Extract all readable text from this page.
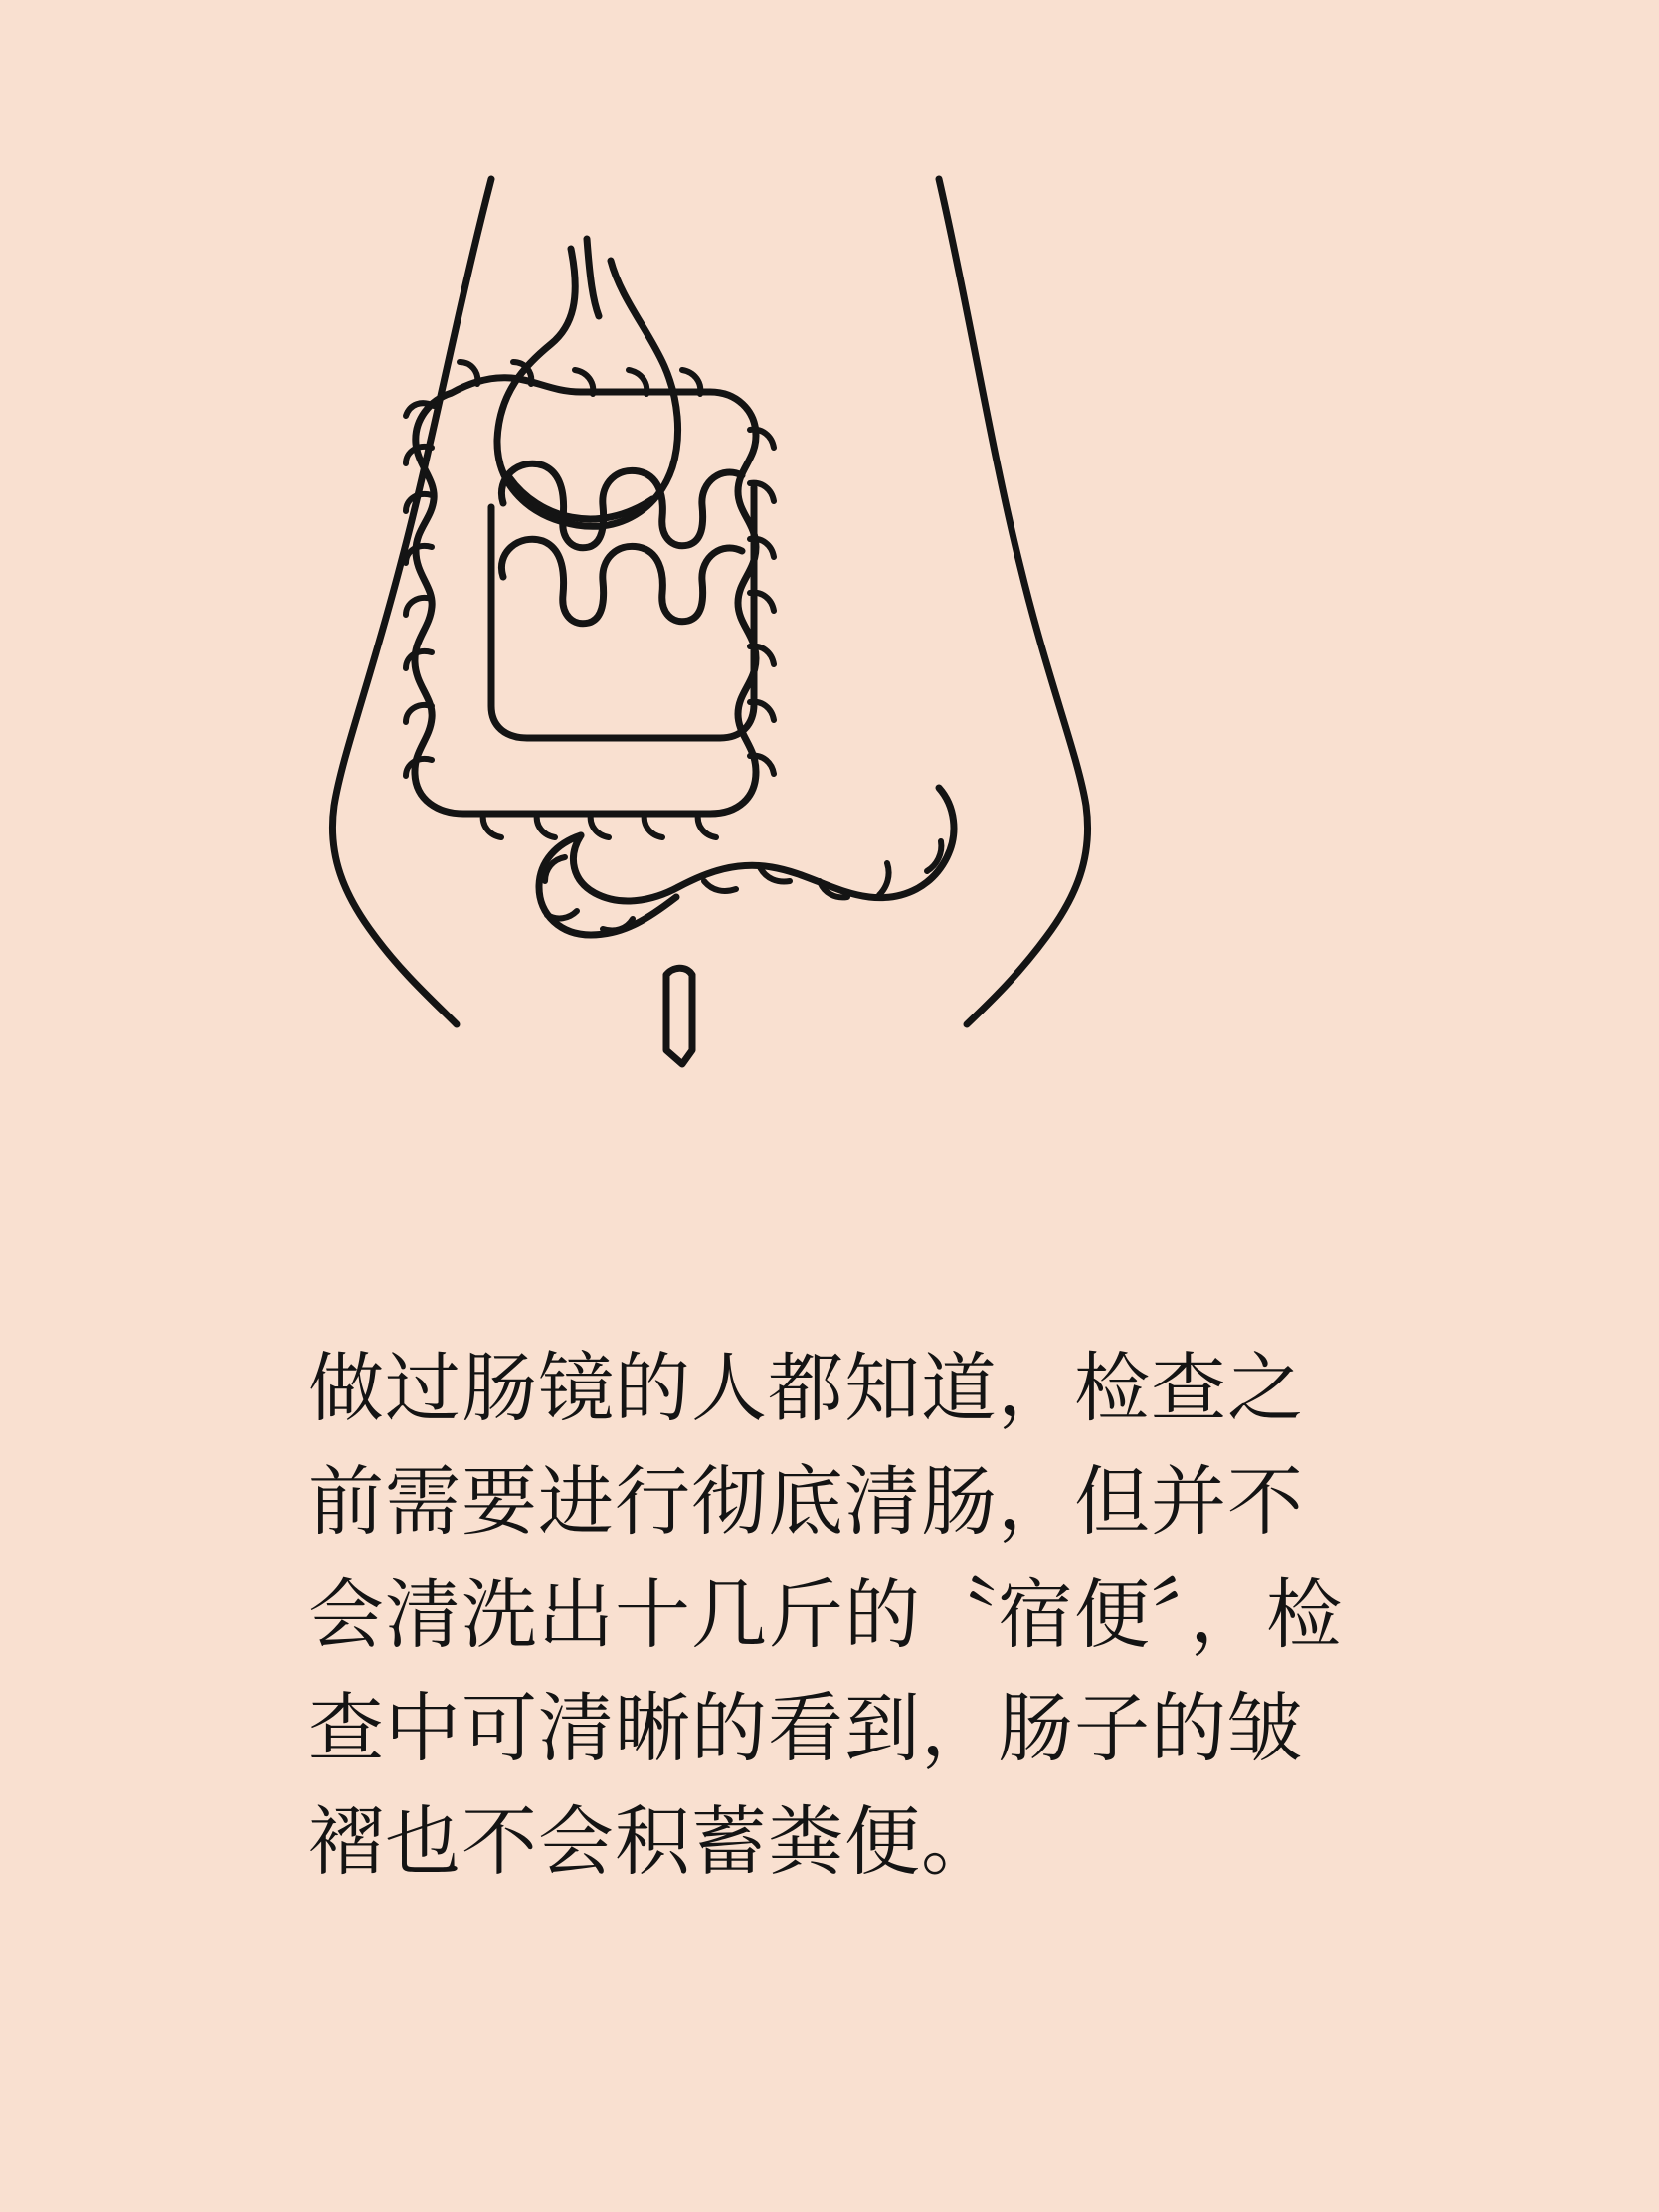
做过肠镜的人都知道，检查之前需要进行彻底清肠，但并不会清洗出十几斤的〝宿便〞，检查中可清晰的看到，肠子的皱褶也不会积蓄粪便。
